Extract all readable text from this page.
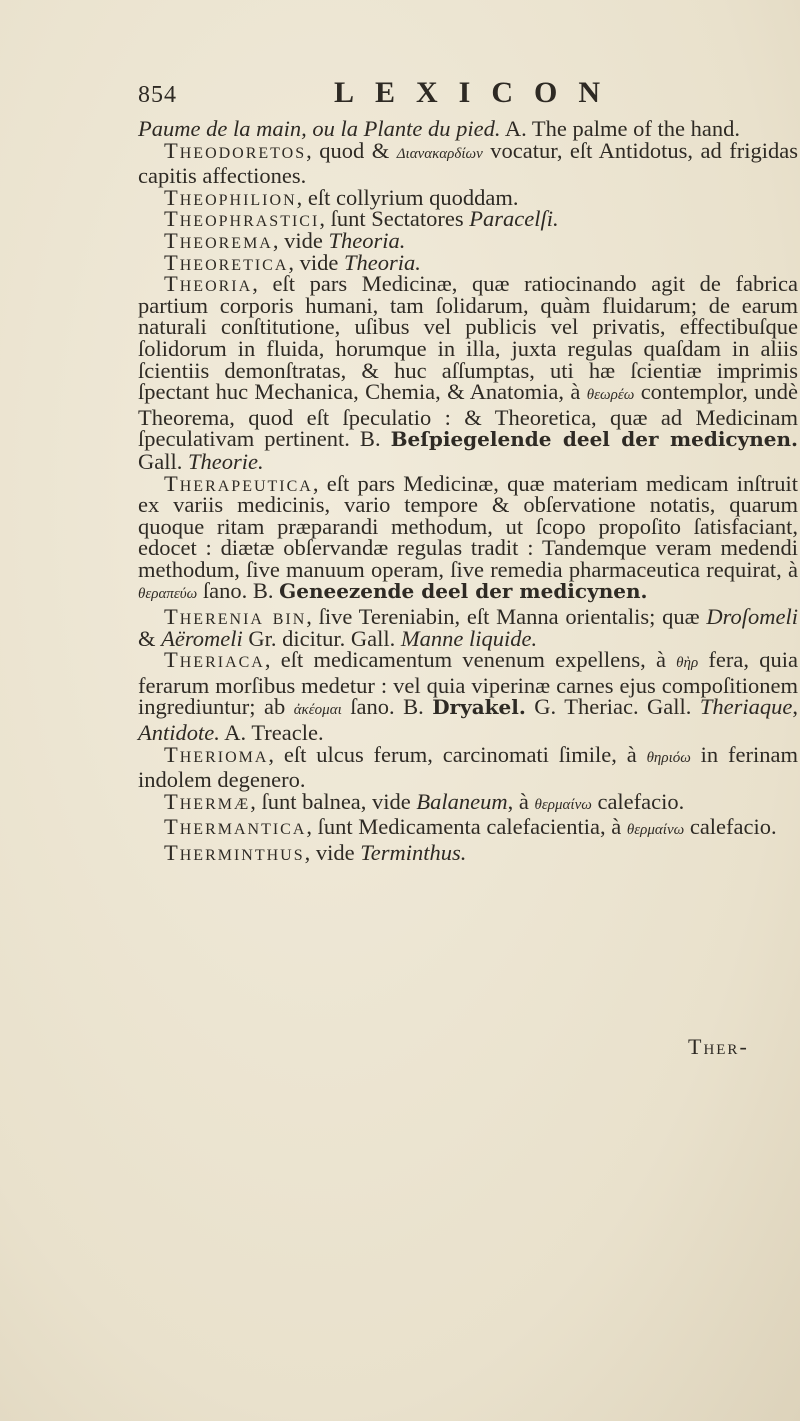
854	LEXICON

Paume de la main, ou la Plante du pied. A. The palme of the hand.

Theodoretos, quod & Διανακαρδίων vocatur, eſt Antidotus, ad frigidas capitis affectiones.

Theophilion, eſt collyrium quoddam.

Theophrastici, ſunt Sectatores Paracelſi.

Theorema, vide Theoria.

Theoretica, vide Theoria.

Theoria, eſt pars Medicinæ, quæ ratiocinando agit de fabrica partium corporis humani, tam ſolidarum, quàm fluidarum; de earum naturali conſtitutione, uſibus vel publicis vel privatis, effectibuſque ſolidorum in fluida, horumque in illa, juxta regulas quaſdam in aliis ſcientiis demonſtratas, & huc aſſumptas, uti hæ ſcientiæ imprimis ſpectant huc Mechanica, Chemia, & Anatomia, à θεωρέω contemplor, undè Theorema, quod eſt ſpeculatio : & Theoretica, quæ ad Medicinam ſpeculativam pertinent. B. Beſpiegelende deel der medicynen. Gall. Theorie.

Therapeutica, eſt pars Medicinæ, quæ materiam medicam inſtruit ex variis medicinis, vario tempore & obſervatione notatis, quarum quoque ritam præparandi methodum, ut ſcopo propoſito ſatisfaciant, edocet : diætæ obſervandæ regulas tradit : Tandemque veram medendi methodum, ſive manuum operam, ſive remedia pharmaceutica requirat, à θεραπεύω ſano. B. Geneezende deel der medicynen.

Therenia bin, ſive Tereniabin, eſt Manna orientalis; quæ Droſomeli & Aëromeli Gr. dicitur. Gall. Manne liquide.

Theriaca, eſt medicamentum venenum expellens, à θὴρ fera, quia ferarum morſibus medetur : vel quia viperinæ carnes ejus compoſitionem ingrediuntur; ab ἀκέομαι ſano. B. Dryakel. G. Theriac. Gall. Theriaque, Antidote. A. Treacle.

Therioma, eſt ulcus ferum, carcinomati ſimile, à θηριόω in ferinam indolem degenero.

Thermæ, ſunt balnea, vide Balaneum, à θερμαίνω calefacio.

Thermantica, ſunt Medicamenta calefacientia, à θερμαίνω calefacio.

Therminthus, vide Terminthus.

Ther-
